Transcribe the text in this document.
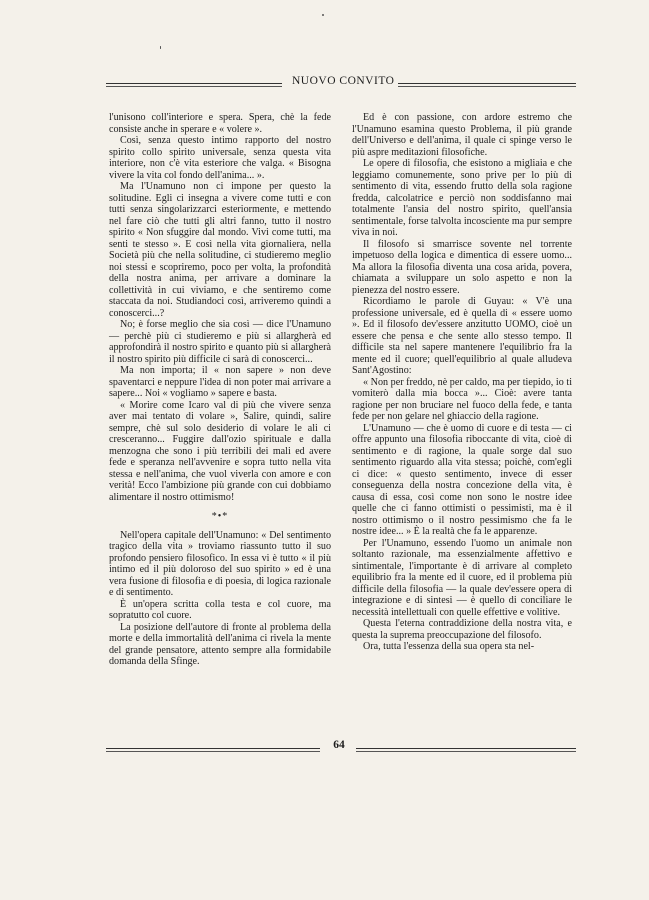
NUOVO CONVITO

l'unisono coll'interiore e spera. Spera, chè la fede consiste anche in sperare e « volere ».

Così, senza questo intimo rapporto del nostro spirito collo spirito universale, senza questa vita interiore, non c'è vita esteriore che valga. « Bisogna vivere la vita col fondo dell'anima... ».

Ma l'Unamuno non ci impone per questo la solitudine. Egli ci insegna a vivere come tutti e con tutti senza singolarizzarci esteriormente, e mettendo nel fare ciò che tutti gli altri fanno, tutto il nostro spirito « Non sfuggire dal mondo. Vivi come tutti, ma senti te stesso ». E così nella vita giornaliera, nella Società più che nella solitudine, ci studieremo meglio noi stessi e scopriremo, poco per volta, la profondità della nostra anima, per arrivare a dominare la collettività in cui viviamo, e che sentiremo come staccata da noi. Studiandoci così, arriveremo quindi a conoscerci...?

No; è forse meglio che sia così — dice l'Unamuno — perchè più ci studieremo e più si allargherà ed approfondirà il nostro spirito e quanto più si allargherà il nostro spirito più difficile ci sarà di conoscerci...

Ma non importa; il « non sapere » non deve spaventarci e neppure l'idea di non poter mai arrivare a sapere... Noi « vogliamo » sapere e basta.

« Morire come Icaro val di più che vivere senza aver mai tentato di volare », Salire, quindi, salire sempre, chè sul solo desiderio di volare le ali ci cresceranno... Fuggire dall'ozio spirituale e dalla menzogna che sono i più terribili dei mali ed avere fede e speranza nell'avvenire e sopra tutto nella vita stessa e nell'anima, che vuol viverla con amore e con verità! Ecco l'ambizione più grande con cui dobbiamo alimentare il nostro ottimismo!

*•*

Nell'opera capitale dell'Unamuno: « Del sentimento tragico della vita » troviamo riassunto tutto il suo profondo pensiero filosofico. In essa vi è tutto « il più intimo ed il più doloroso del suo spirito » ed è una vera fusione di filosofia e di poesia, di logica razionale e di sentimento.

È un'opera scritta colla testa e col cuore, ma sopratutto col cuore.

La posizione dell'autore di fronte al problema della morte e della immortalità dell'anima ci rivela la mente del grande pensatore, attento sempre alla formidabile domanda della Sfinge.

Ed è con passione, con ardore estremo che l'Unamuno esamina questo Problema, il più grande dell'Universo e dell'anima, il quale ci spinge verso le più aspre meditazioni filosofiche.

Le opere di filosofia, che esistono a migliaia e che leggiamo comunemente, sono prive per lo più di sentimento di vita, essendo frutto della sola ragione fredda, calcolatrice e perciò non soddisfanno mai totalmente l'ansia del nostro spirito, quell'ansia sentimentale, forse talvolta incosciente ma pur sempre viva in noi.

Il filosofo si smarrisce sovente nel torrente impetuoso della logica e dimentica di essere uomo... Ma allora la filosofia diventa una cosa arida, povera, chiamata a sviluppare un solo aspetto e non la pienezza del nostro essere.

Ricordiamo le parole di Guyau: « V'è una professione universale, ed è quella di « essere uomo ». Ed il filosofo dev'essere anzitutto UOMO, cioè un essere che pensa e che sente allo stesso tempo. Il difficile sta nel sapere mantenere l'equilibrio fra la mente ed il cuore; quell'equilibrio al quale alludeva Sant'Agostino:

« Non per freddo, nè per caldo, ma per tiepido, io ti vomiterò dalla mia bocca »... Cioè: avere tanta ragione per non bruciare nel fuoco della fede, e tanta fede per non gelare nel ghiaccio della ragione.

L'Unamuno — che è uomo di cuore e di testa — ci offre appunto una filosofia riboccante di vita, cioè di sentimento e di ragione, la quale sorge dal suo sentimento riguardo alla vita stessa; poichè, com'egli ci dice: « questo sentimento, invece di esser conseguenza della nostra concezione della vita, è causa di essa, così come non sono le nostre idee quelle che ci fanno ottimisti o pessimisti, ma è il nostro ottimismo o il nostro pessimismo che fa le nostre idee... » È la realtà che fa le apparenze.

Per l'Unamuno, essendo l'uomo un animale non soltanto razionale, ma essenzialmente affettivo e sintimentale, l'importante è di arrivare al completo equilibrio fra la mente ed il cuore, ed il problema più difficile della filosofia — la quale dev'essere opera di integrazione e di sintesi — è quello di conciliare le necessità intellettuali con quelle effettive e volitive.

Questa l'eterna contraddizione della nostra vita, e questa la suprema preoccupazione del filosofo.

Ora, tutta l'essenza della sua opera sta nel-

64
